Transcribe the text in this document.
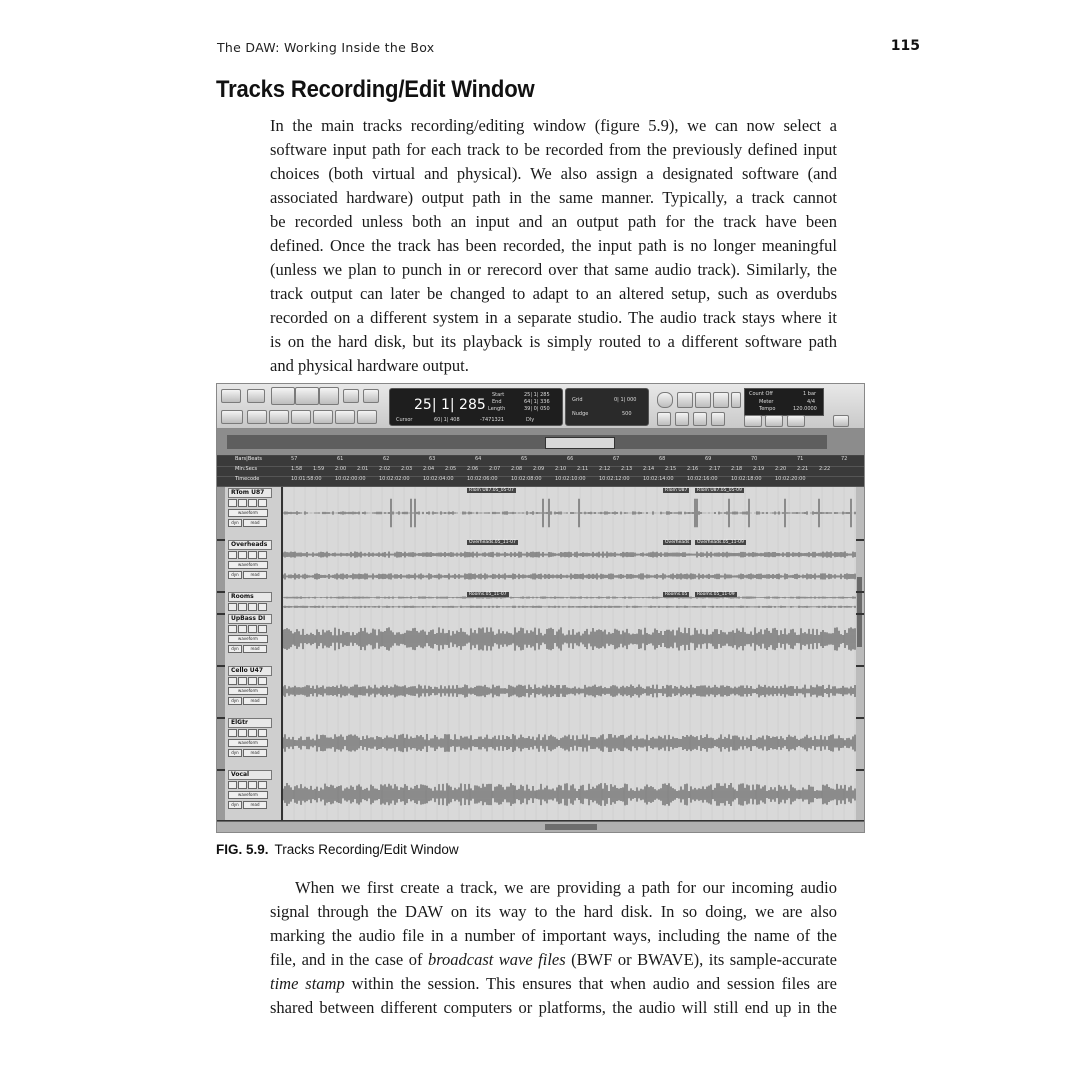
The DAW: Working Inside the Box	115
Tracks Recording/Edit Window
In the main tracks recording/editing window (figure 5.9), we can now select a
software input path for each track to be recorded from the previously defined input
choices (both virtual and physical). We also assign a designated software (and
associated hardware) output path in the same manner. Typically, a track cannot
be recorded unless both an input and an output path for the track have been
defined. Once the track has been recorded, the input path is no longer meaningful
(unless we plan to punch in or rerecord over that same audio track). Similarly, the
track output can later be changed to adapt to an altered setup, such as overdubs
recorded on a different system in a separate studio. The audio track stays where it
is on the hard disk, but its playback is simply routed to a different software path
and physical hardware output.
25| 1| 285
Start
End
Length
25| 1| 285
64| 1| 336
39| 0| 050
Cursor	60| 1| 408	-7471321	Dly
Grid	0| 1| 000
Nudge	500
Count Off	1 bar
Meter	4/4
Tempo	120.0000
Bars|Beats	57	61	62	63	64	65	66	67	68	69	70	71	72
Min:Secs	1:58 1:59 2:00 2:01 2:02 2:03 2:04 2:05 2:06 2:07 2:08 2:09 2:10 2:11 2:12 2:13 2:14 2:15 2:16 2:17 2:18 2:19 2:20 2:21 2:22
Timecode	10:01:58:00	10:02:00:00	10:02:02:00	10:02:04:00	10:02:06:00	10:02:08:00	10:02:10:00	10:02:12:00	10:02:14:00	10:02:16:00	10:02:18:00	10:02:20:00
RTom U87
waveform
dyn	read
RTom U87.05_05-07	RTom U87	RTom U87.05_05-09
Overheads
waveform
dyn	read
Overheads.05_11-07	Overheads	Overheads.05_11-09
Rooms	Rooms.05_11-07	Rooms.05	Rooms.05_11-09
UpBass DI
waveform
dyn	read
Cello U47
waveform
dyn	read
ElGtr
waveform
dyn	read
Vocal
waveform
dyn	read
FIG. 5.9. Tracks Recording/Edit Window
When we first create a track, we are providing a path for our incoming audio
signal through the DAW on its way to the hard disk. In so doing, we are also
marking the audio file in a number of important ways, including the name of the
file, and in the case of broadcast wave files (BWF or BWAVE), its sample-accurate
time stamp within the session. This ensures that when audio and session files are
shared between different computers or platforms, the audio will still end up in the
